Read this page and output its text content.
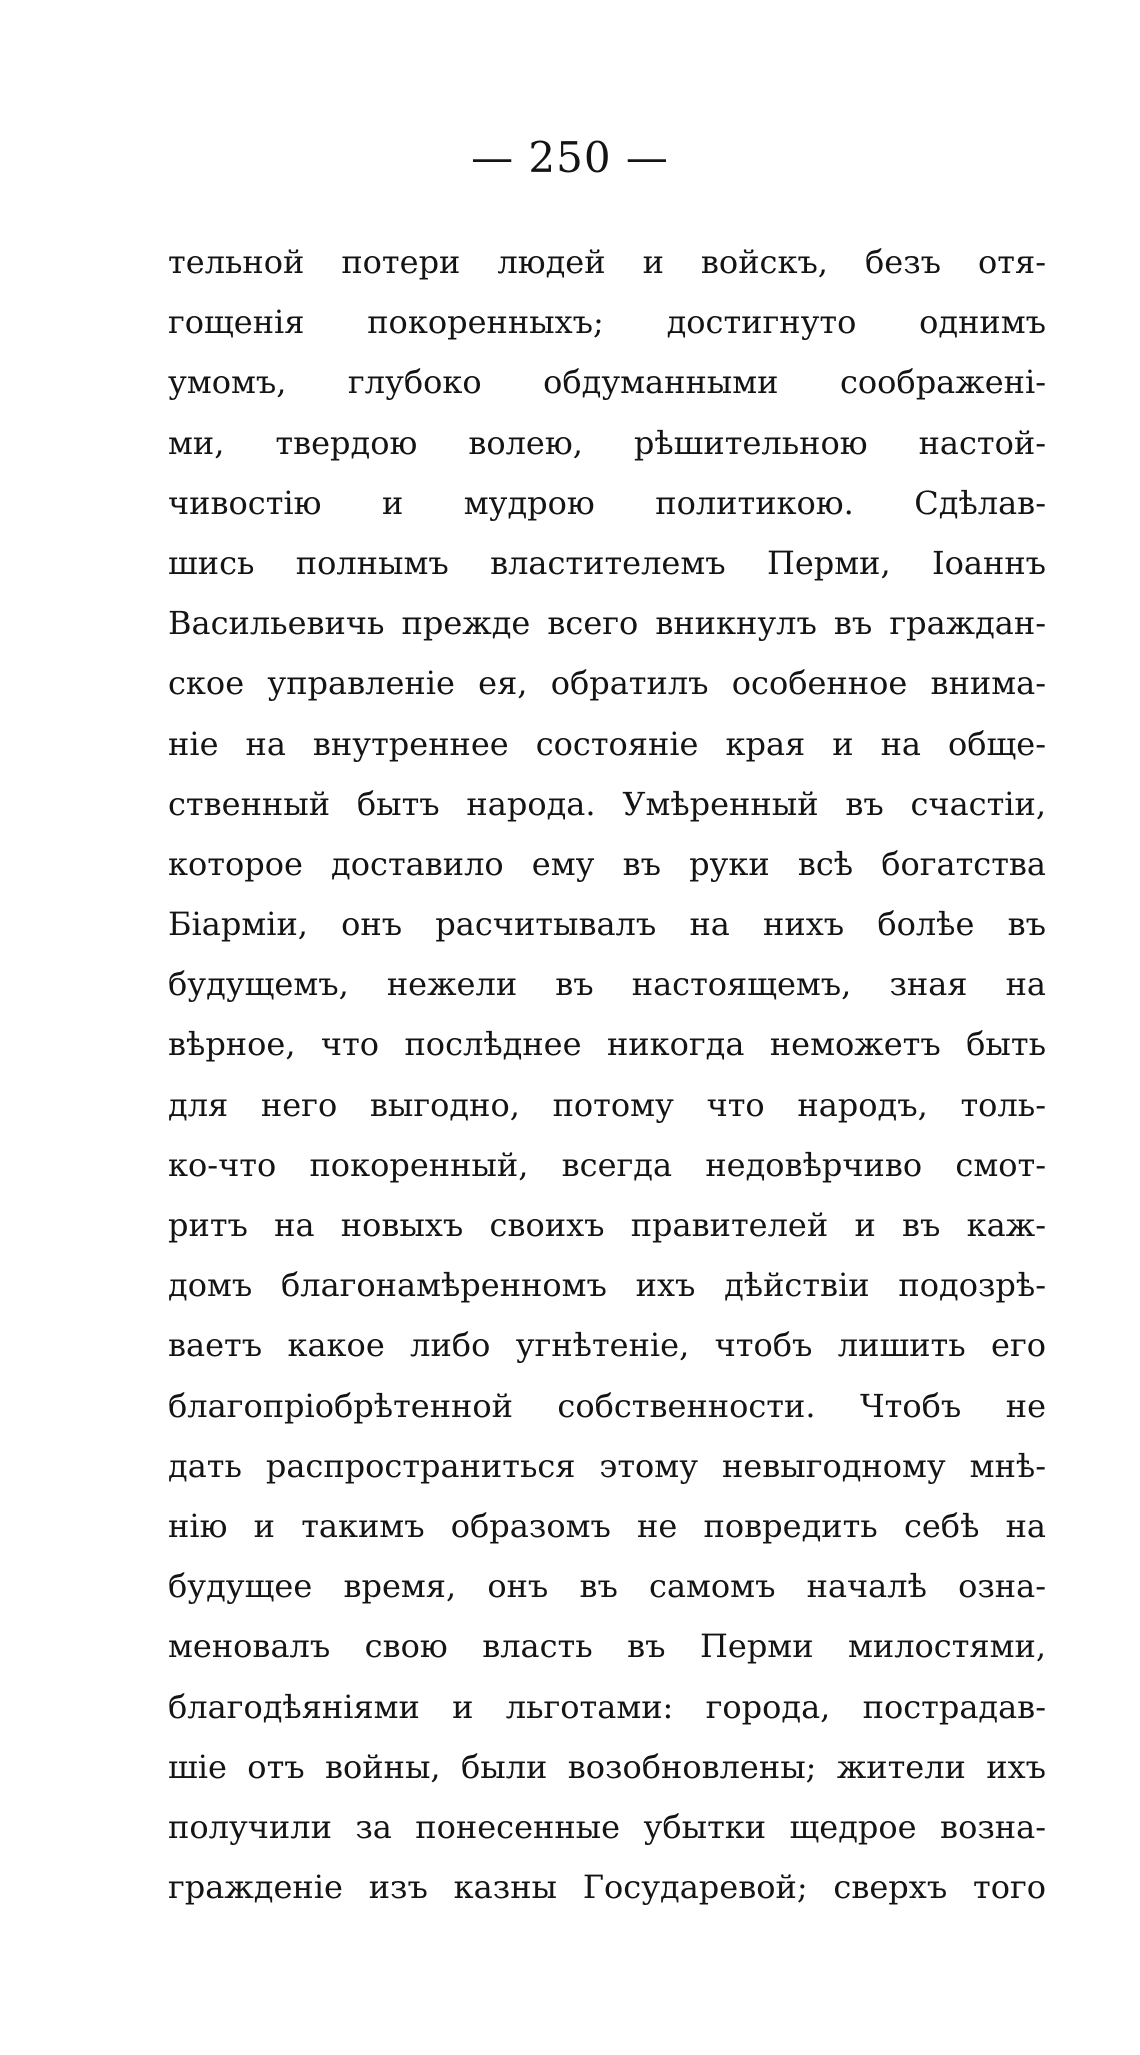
— 250 —
тельной потери людей и войскъ, безъ отя-
гощенія покоренныхъ; достигнуто однимъ
умомъ, глубоко обдуманными соображені-
ми, твердою волею, рѣшительною настой-
чивостію и мудрою политикою. Сдѣлав-
шись полнымъ властителемъ Перми, Іоаннъ
Васильевичь прежде всего вникнулъ въ граждан-
ское управленіе ея, обратилъ особенное внима-
ніе на внутреннее состояніе края и на обще-
ственный бытъ народа. Умѣренный въ счастіи,
которое доставило ему въ руки всѣ богатства
Біарміи, онъ расчитывалъ на нихъ болѣе въ
будущемъ, нежели въ настоящемъ, зная на
вѣрное, что послѣднее никогда неможетъ быть
для него выгодно, потому что народъ, толь-
ко-что покоренный, всегда недовѣрчиво смот-
ритъ на новыхъ своихъ правителей и въ каж-
домъ благонамѣренномъ ихъ дѣйствіи подозрѣ-
ваетъ какое либо угнѣтеніе, чтобъ лишить его
благопріобрѣтенной собственности. Чтобъ не
дать распространиться этому невыгодному мнѣ-
нію и такимъ образомъ не повредить себѣ на
будущее время, онъ въ самомъ началѣ озна-
меновалъ свою власть въ Перми милостями,
благодѣяніями и льготами: города, пострадав-
шіе отъ войны, были возобновлены; жители ихъ
получили за понесенные убытки щедрое возна-
гражденіе изъ казны Государевой; сверхъ того
